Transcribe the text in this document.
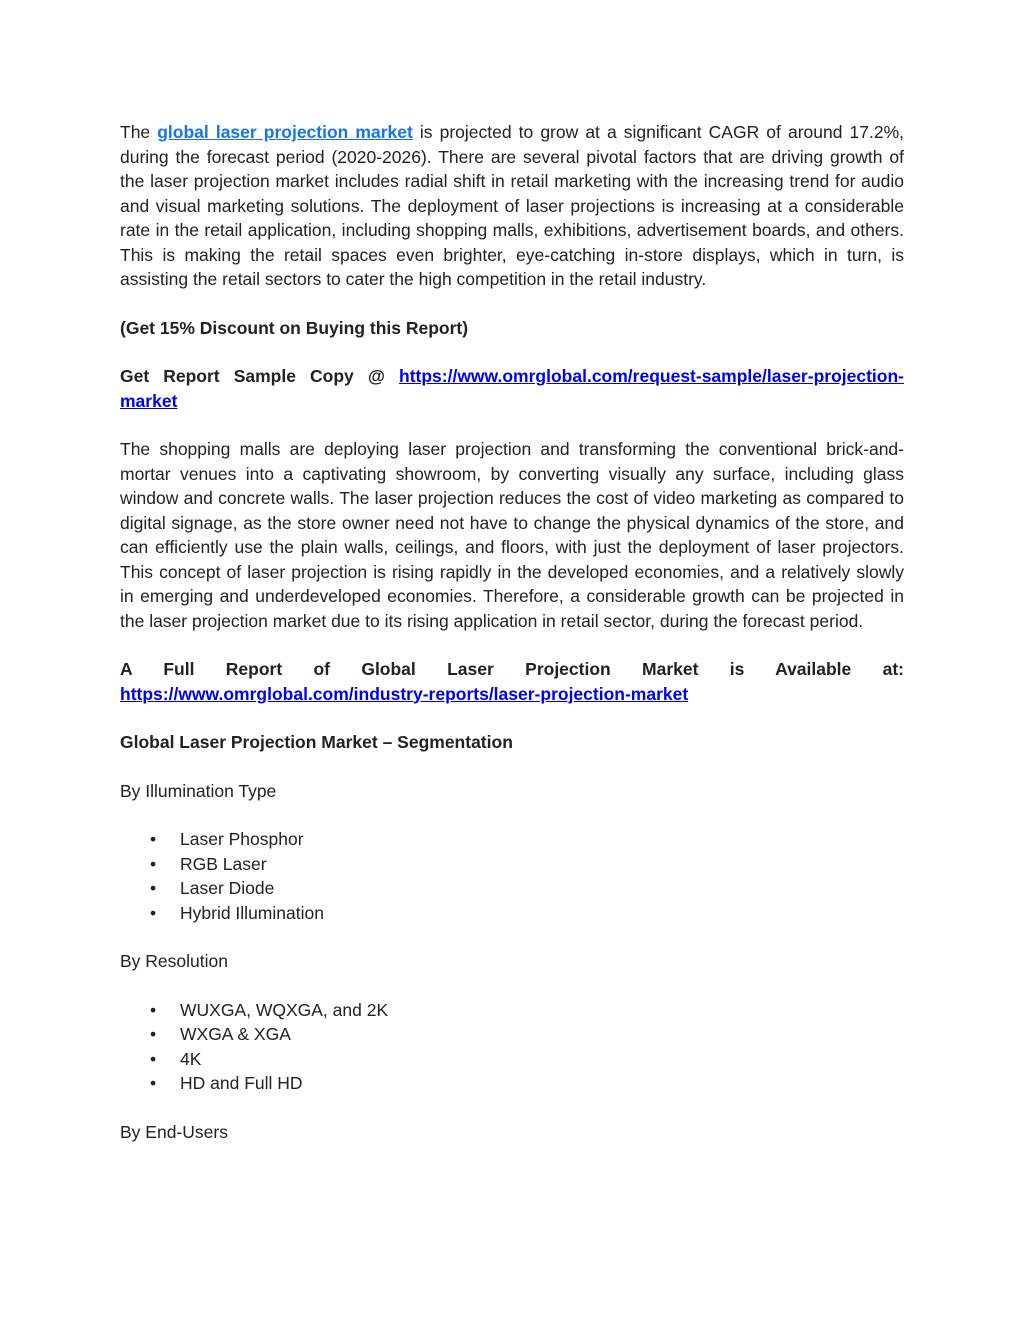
The global laser projection market is projected to grow at a significant CAGR of around 17.2%, during the forecast period (2020-2026). There are several pivotal factors that are driving growth of the laser projection market includes radial shift in retail marketing with the increasing trend for audio and visual marketing solutions. The deployment of laser projections is increasing at a considerable rate in the retail application, including shopping malls, exhibitions, advertisement boards, and others. This is making the retail spaces even brighter, eye-catching in-store displays, which in turn, is assisting the retail sectors to cater the high competition in the retail industry.

(Get 15% Discount on Buying this Report)

Get Report Sample Copy @ https://www.omrglobal.com/request-sample/laser-projection-market

The shopping malls are deploying laser projection and transforming the conventional brick-and-mortar venues into a captivating showroom, by converting visually any surface, including glass window and concrete walls. The laser projection reduces the cost of video marketing as compared to digital signage, as the store owner need not have to change the physical dynamics of the store, and can efficiently use the plain walls, ceilings, and floors, with just the deployment of laser projectors. This concept of laser projection is rising rapidly in the developed economies, and a relatively slowly in emerging and underdeveloped economies. Therefore, a considerable growth can be projected in the laser projection market due to its rising application in retail sector, during the forecast period.

A Full Report of Global Laser Projection Market is Available at:
https://www.omrglobal.com/industry-reports/laser-projection-market

Global Laser Projection Market – Segmentation

By Illumination Type

• Laser Phosphor
• RGB Laser
• Laser Diode
• Hybrid Illumination

By Resolution

• WUXGA, WQXGA, and 2K
• WXGA & XGA
• 4K
• HD and Full HD

By End-Users
